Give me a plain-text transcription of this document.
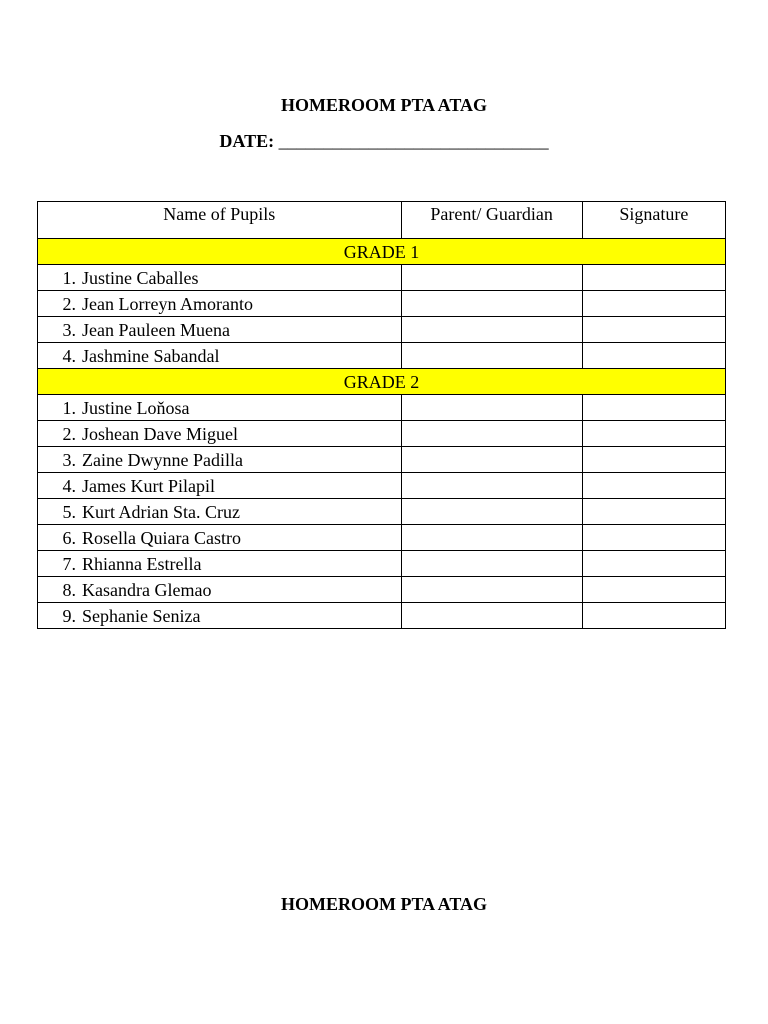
HOMEROOM PTA ATAG
DATE: ______________________________
Name of Pupils	Parent/ Guardian	Signature
GRADE 1		
1. Justine Caballes		
2. Jean Lorreyn Amoranto		
3. Jean Pauleen Muena		
4. Jashmine Sabandal		
GRADE 2		
1. Justine Loňosa		
2. Joshean Dave Miguel		
3. Zaine Dwynne Padilla		
4. James Kurt Pilapil		
5. Kurt Adrian Sta. Cruz		
6. Rosella Quiara Castro		
7. Rhianna Estrella		
8. Kasandra Glemao		
9. Sephanie Seniza		
HOMEROOM PTA ATAG
